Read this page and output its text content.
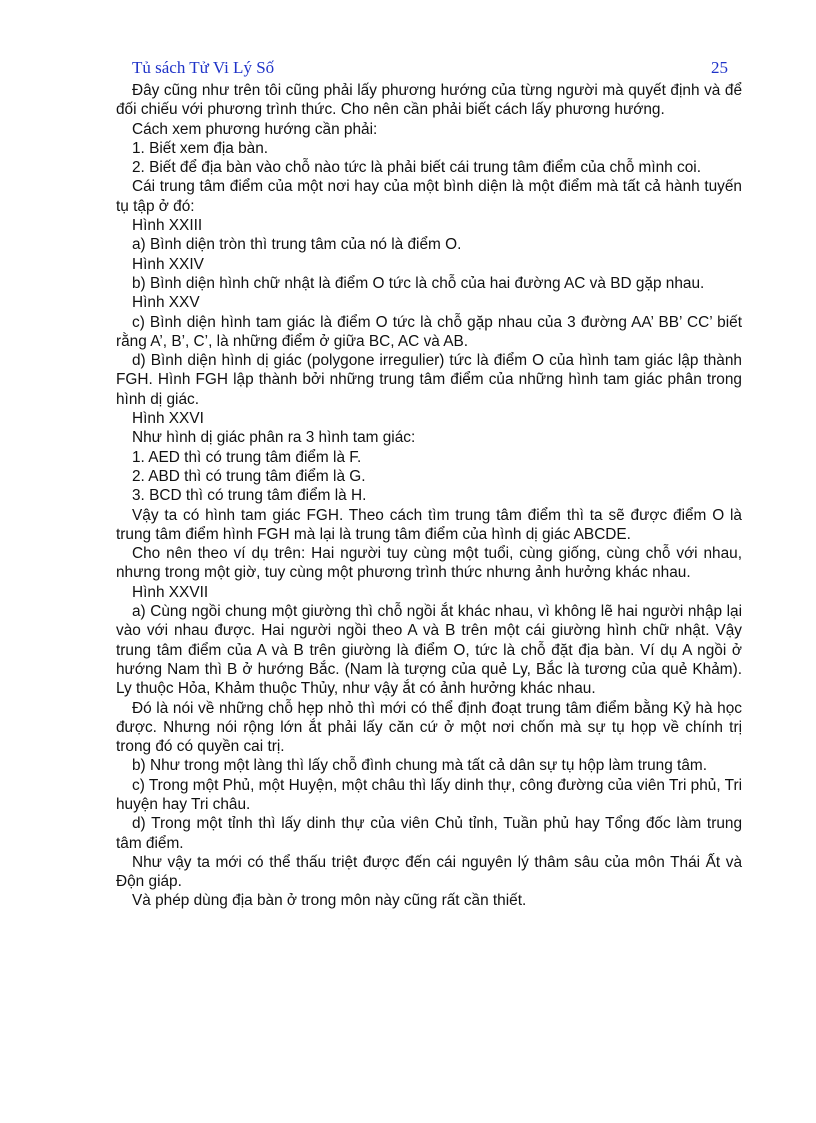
Tủ sách Tử Vi Lý Số	25

Đây cũng như trên tôi cũng phải lấy phương hướng của từng người mà quyết định và để đối chiếu với phương trình thức. Cho nên cần phải biết cách lấy phương hướng.

Cách xem phương hướng cần phải:

1. Biết xem địa bàn.

2. Biết để địa bàn vào chỗ nào tức là phải biết cái trung tâm điểm của chỗ mình coi.

Cái trung tâm điểm của một nơi hay của một bình diện là một điểm mà tất cả hành tuyến tụ tập ở đó:

Hình XXIII

a) Bình diện tròn thì trung tâm của nó là điểm O.

Hình XXIV

b) Bình diện hình chữ nhật là điểm O tức là chỗ của hai đường AC và BD gặp nhau.

Hình XXV

c) Bình diện hình tam giác là điểm O tức là chỗ gặp nhau của 3 đường AA’ BB’ CC’ biết rằng A’, B’, C’, là những điểm ở giữa BC, AC và AB.

d) Bình diện hình dị giác (polygone irregulier) tức là điểm O của hình tam giác lập thành FGH. Hình FGH lập thành bởi những trung tâm điểm của những hình tam giác phân trong hình dị giác.

Hình XXVI

Như hình dị giác phân ra 3 hình tam giác:

1. AED thì có trung tâm điểm là F.

2. ABD thì có trung tâm điểm là G.

3. BCD thì có trung tâm điểm là H.

Vậy ta có hình tam giác FGH. Theo cách tìm trung tâm điểm thì ta sẽ được điểm O là trung tâm điểm hình FGH mà lại là trung tâm điểm của hình dị giác ABCDE.

Cho nên theo ví dụ trên: Hai người tuy cùng một tuổi, cùng giống, cùng chỗ với nhau, nhưng trong một giờ, tuy cùng một phương trình thức nhưng ảnh hưởng khác nhau.

Hình XXVII

a) Cùng ngồi chung một giường thì chỗ ngồi ắt khác nhau, vì không lẽ hai người nhập lại vào với nhau được. Hai người ngồi theo A và B trên một cái giường hình chữ nhật. Vậy trung tâm điểm của A và B trên giường là điểm O, tức là chỗ đặt địa bàn. Ví dụ A ngồi ở hướng Nam thì B ở hướng Bắc. (Nam là tượng của quẻ Ly, Bắc là tương của quẻ Khảm). Ly thuộc Hỏa, Khảm thuộc Thủy, như vậy ắt có ảnh hưởng khác nhau.

Đó là nói về những chỗ hẹp nhỏ thì mới có thể định đoạt trung tâm điểm bằng Kỷ hà học được. Nhưng nói rộng lớn ắt phải lấy căn cứ ở một nơi chốn mà sự tụ họp về chính trị trong đó có quyền cai trị.

b) Như trong một làng thì lấy chỗ đình chung mà tất cả dân sự tụ hộp làm trung tâm.

c) Trong một Phủ, một Huyện, một châu thì lấy dinh thự, công đường của viên Tri phủ, Tri huyện hay Tri châu.

d) Trong một tỉnh thì lấy dinh thự của viên Chủ tỉnh, Tuần phủ hay Tổng đốc làm trung tâm điểm.

Như vậy ta mới có thể thấu triệt được đến cái nguyên lý thâm sâu của môn Thái Ất và Độn giáp.

Và phép dùng địa bàn ở trong môn này cũng rất cần thiết.
